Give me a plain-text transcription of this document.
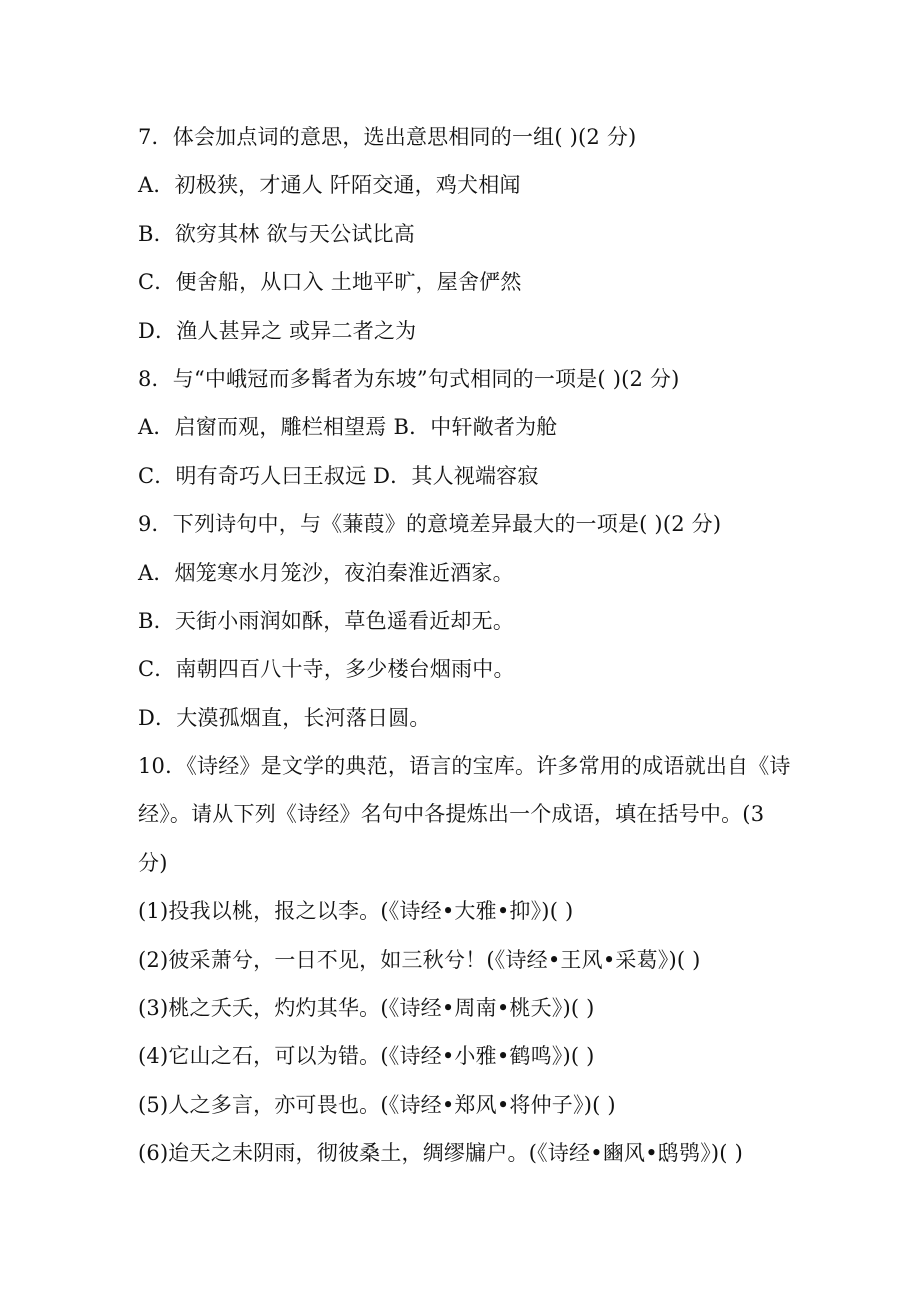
7．体会加点词的意思，选出意思相同的一组( )(2 分)
A．初极狭，才通人 阡陌交通，鸡犬相闻
B．欲穷其林 欲与天公试比高
C．便舍船，从口入 土地平旷，屋舍俨然
D．渔人甚异之 或异二者之为
8．与“中峨冠而多髯者为东坡”句式相同的一项是( )(2 分)
A．启窗而观，雕栏相望焉 B．中轩敞者为舱
C．明有奇巧人曰王叔远 D．其人视端容寂
9．下列诗句中，与《蒹葭》的意境差异最大的一项是( )(2 分)
A．烟笼寒水月笼沙，夜泊秦淮近酒家。
B．天街小雨润如酥，草色遥看近却无。
C．南朝四百八十寺，多少楼台烟雨中。
D．大漠孤烟直，长河落日圆。
10．《诗经》是文学的典范，语言的宝库。许多常用的成语就出自《诗
经》。请从下列《诗经》名句中各提炼出一个成语，填在括号中。(3
分)
(1)投我以桃，报之以李。(《诗经•大雅•抑》)( )
(2)彼采萧兮，一日不见，如三秋兮！(《诗经•王风•采葛》)( )
(3)桃之夭夭，灼灼其华。(《诗经•周南•桃夭》)( )
(4)它山之石，可以为错。(《诗经•小雅•鹤鸣》)( )
(5)人之多言，亦可畏也。(《诗经•郑风•将仲子》)( )
(6)迨天之未阴雨，彻彼桑土，绸缪牖户。(《诗经•豳风•鸱鸮》)( )
